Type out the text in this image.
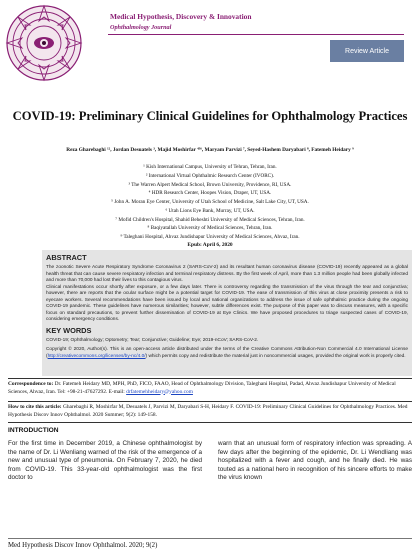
Medical Hypothesis, Discovery & Innovation
Ophthalmology Journal
Review Article
COVID-19: Preliminary Clinical Guidelines for Ophthalmology Practices
Reza Gharebaghi ¹², Jordan Desuatels ³, Majid Moshirfar ⁴⁵⁶, Maryam Parvizi ⁷, Seyed-Hashem Daryabari ⁸, Fatemeh Heidary ⁹
¹ Kish International Campus, University of Tehran, Tehran, Iran.
² International Virtual Ophthalmic Research Center (IVORC).
³ The Warren Alpert Medical School, Brown University, Providence, RI, USA.
⁴ HDR Research Center, Hoopes Vision, Draper, UT, USA.
⁵ John A. Moran Eye Center, University of Utah School of Medicine, Salt Lake City, UT, USA.
⁶ Utah Lions Eye Bank, Murray, UT, USA.
⁷ Mofid Children's Hospital, Shahid Beheshti University of Medical Sciences, Tehran, Iran.
⁸ Baqiyatallah University of Medical Sciences, Tehran, Iran.
⁹ Taleghani Hospital, Ahvaz Jundishapur University of Medical Sciences, Ahvaz, Iran.
Epub: April 6, 2020
ABSTRACT

The zoonotic Severe Acute Respiratory Syndrome Coronavirus 2 (SARS-CoV-2) and its resultant human coronavirus disease (COVID-19) recently appeared as a global health threat that can cause severe respiratory infection and terminal respiratory distress. By the first week of April, more than 1.3 million people had been globally infected and more than 70,000 had lost their lives to this contagious virus.

Clinical manifestations occur shortly after exposure, or a few days later. There is controversy regarding the transmission of the virus through the tear and conjunctiva; however, there are reports that the ocular surface might be a potential target for COVID-19. The ease of transmission of this virus at close proximity presents a risk to eyecare workers. Several recommendations have been issued by local and national organizations to address the issue of safe ophthalmic practice during the ongoing COVID-19 pandemic. These guidelines have numerous similarities; however, subtle differences exist. The purpose of this paper was to discuss measures, with a specific focus on standard precautions, to prevent further dissemination of COVID-19 at Eye Clinics. We have proposed procedures to triage suspected cases of COVID-19, considering emergency conditions.

KEY WORDS
COVID-19; Ophthalmology; Optometry; Tear; Conjunctive; Guideline; Eye; 2019-nCoV; SARS-CoV-2.
Copyright © 2020, Author(s). This is an open-access article distributed under the terms of the Creative Commons Attribution-Non Commercial 4.0 International License (http://creativecommons.org/licenses/by-nc/4.0/) which permits copy and redistribute the material just in noncommercial usages, provided the original work is properly cited.
Correspondence to: Dr. Fatemeh Heidary MD, MPH, PhD, FICO, FAAO, Head of Ophthalmology Division, Taleghani Hospital, Padad, Ahvaz Jundishapur University of Medical Sciences, Ahvaz, Iran. Tel: +98-21-47627292. E-mail: drfatemehheidary@yahoo.com
How to cite this article: Gharebaghi R, Moshirfar M, Desuatels J, Parvizi M, Daryabari S-H, Heidary F. COVID-19: Preliminary Clinical Guidelines for Ophthalmology Practices. Med Hypothesis Discov Innov Ophthalmol. 2020 Summer; 9(2): 149-158.
INTRODUCTION
For the first time in December 2019, a Chinese ophthalmologist by the name of Dr. Li Wenliang warned of the risk of the emergence of a new and unusual type of pneumonia. On February 7, 2020, he died from COVID-19. This 33-year-old ophthalmologist was the first doctor to
warn that an unusual form of respiratory infection was spreading. A few days after the beginning of the epidemic, Dr. Li Wendliang was hospitalized with a fever and cough, and he finally died. He was touted as a national hero in recognition of his sincere efforts to make the virus known
Med Hypothesis Discov Innov Ophthalmol. 2020; 9(2)
